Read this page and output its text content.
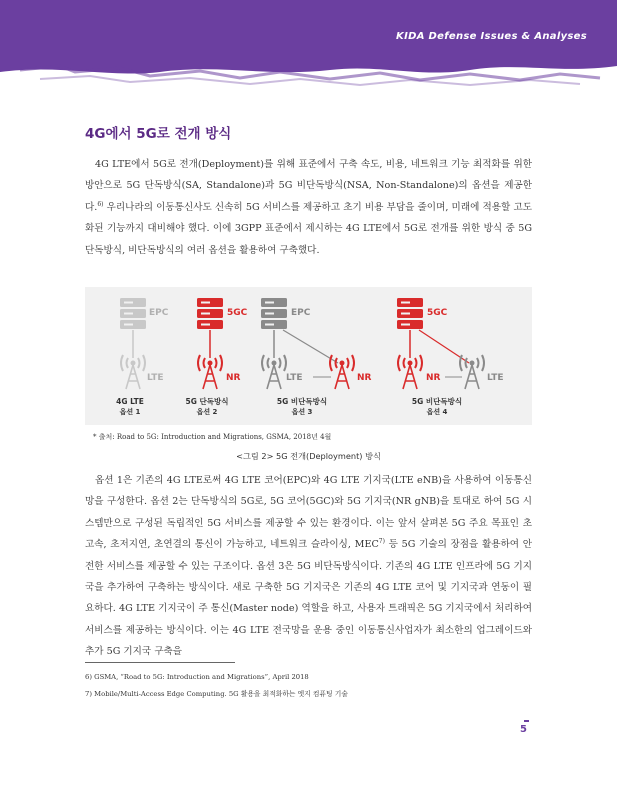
KIDA Defense Issues & Analyses
4G에서 5G로 전개 방식

4G LTE에서 5G로 전개(Deployment)를 위해 표준에서 구축 속도, 비용, 네트워크 기능 최적화를 위한 방안으로 5G 단독방식(SA, Standalone)과 5G 비단독방식(NSA, Non-Standalone)의 옵션을 제공한다.$^{6)}$ 우리나라의 이동통신사도 신속히 5G 서비스를 제공하고 초기 비용 부담을 줄이며, 미래에 적용할 고도화된 기능까지 대비해야 했다. 이에 3GPP 표준에서 제시하는 4G LTE에서 5G로 전개를 위한 방식 중 5G 단독방식, 비단독방식의 여러 옵션을 활용하여 구축했다.

EPC
LTE
5GC
NR
EPC
LTE	NR
5GC
NR	LTE
4G LTE
옵션 1
5G 단독방식
옵션 2
5G 비단독방식
옵션 3
5G 비단독방식
옵션 4
* 출처: Road to 5G: Introduction and Migrations, GSMA, 2018년 4월
<그림 2> 5G 전개(Deployment) 방식

옵션 1은 기존의 4G LTE로써 4G LTE 코어(EPC)와 4G LTE 기지국(LTE eNB)을 사용하여 이동통신망을 구성한다. 옵션 2는 단독방식의 5G로, 5G 코어(5GC)와 5G 기지국(NR gNB)을 토대로 하여 5G 시스템만으로 구성된 독립적인 5G 서비스를 제공할 수 있는 환경이다. 이는 앞서 살펴본 5G 주요 목표인 초고속, 초저지연, 초연결의 통신이 가능하고, 네트워크 슬라이싱, MEC$^{7)}$ 등 5G 기술의 장점을 활용하여 안전한 서비스를 제공할 수 있는 구조이다. 옵션 3은 5G 비단독방식이다. 기존의 4G LTE 인프라에 5G 기지국을 추가하여 구축하는 방식이다. 새로 구축한 5G 기지국은 기존의 4G LTE 코어 및 기지국과 연동이 필요하다. 4G LTE 기지국이 주 통신(Master node) 역할을 하고, 사용자 트래픽은 5G 기지국에서 처리하여 서비스를 제공하는 방식이다. 이는 4G LTE 전국망을 운용 중인 이동통신사업자가 최소한의 업그레이드와 추가 5G 기지국 구축을

6) GSMA, “Road to 5G: Introduction and Migrations”, April 2018
7) Mobile/Multi-Access Edge Computing. 5G 활용을 최적화하는 엣지 컴퓨팅 기술
5
